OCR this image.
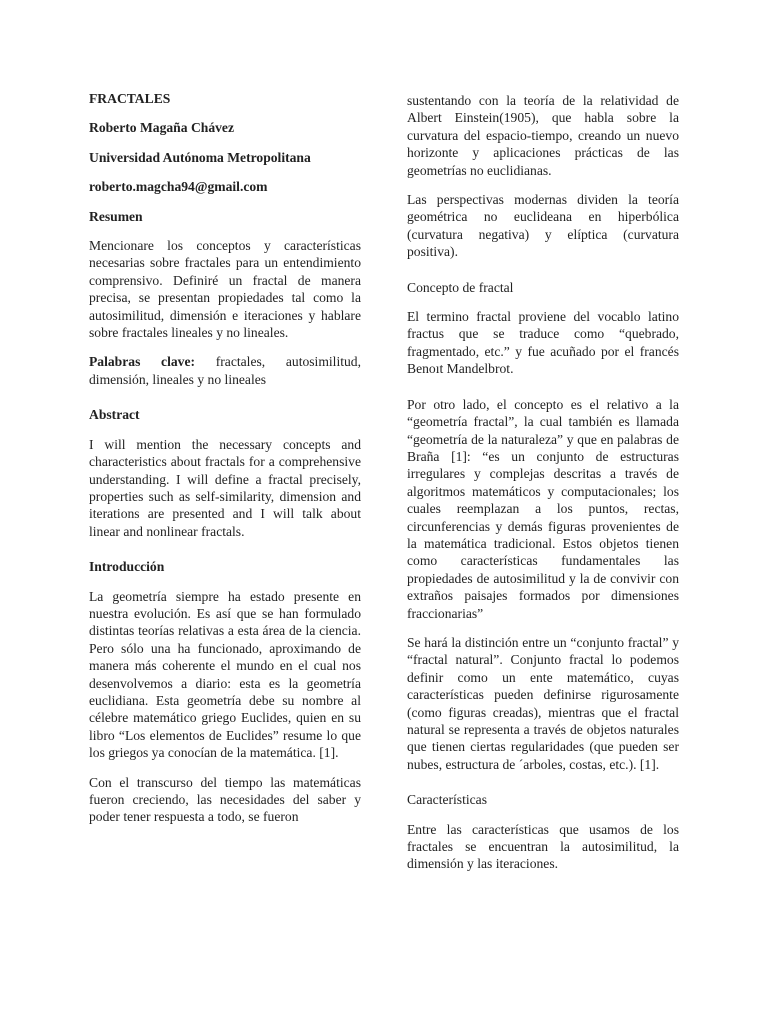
FRACTALES

Roberto Magaña Chávez

Universidad Autónoma Metropolitana

roberto.magcha94@gmail.com

Resumen

Mencionare los conceptos y características necesarias sobre fractales para un entendimiento comprensivo. Definiré un fractal de manera precisa, se presentan propiedades tal como la autosimilitud, dimensión e iteraciones y hablare sobre fractales lineales y no lineales.

Palabras clave: fractales, autosimilitud, dimensión, lineales y no lineales

Abstract

I will mention the necessary concepts and characteristics about fractals for a comprehensive understanding. I will define a fractal precisely, properties such as self-similarity, dimension and iterations are presented and I will talk about linear and nonlinear fractals.

Introducción

La geometría siempre ha estado presente en nuestra evolución. Es así que se han formulado distintas teorías relativas a esta área de la ciencia. Pero sólo una ha funcionado, aproximando de manera más coherente el mundo en el cual nos desenvolvemos a diario: esta es la geometría euclidiana. Esta geometría debe su nombre al célebre matemático griego Euclides, quien en su libro “Los elementos de Euclides” resume lo que los griegos ya conocían de la matemática. [1].

Con el transcurso del tiempo las matemáticas fueron creciendo, las necesidades del saber y poder tener respuesta a todo, se fueron

sustentando con la teoría de la relatividad de Albert Einstein(1905), que habla sobre la curvatura del espacio-tiempo, creando un nuevo horizonte y aplicaciones prácticas de las geometrías no euclidianas.

Las perspectivas modernas dividen la teoría geométrica no euclideana en hiperbólica (curvatura negativa) y elíptica (curvatura positiva).

Concepto de fractal

El termino fractal proviene del vocablo latino fractus que se traduce como “quebrado, fragmentado, etc.” y fue acuñado por el francés Benoıt Mandelbrot.

Por otro lado, el concepto es el relativo a la “geometría fractal”, la cual también es llamada “geometría de la naturaleza” y que en palabras de Braña [1]: “es un conjunto de estructuras irregulares y complejas descritas a través de algoritmos matemáticos y computacionales; los cuales reemplazan a los puntos, rectas, circunferencias y demás figuras provenientes de la matemática tradicional. Estos objetos tienen como características fundamentales las propiedades de autosimilitud y la de convivir con extraños paisajes formados por dimensiones fraccionarias”

Se hará la distinción entre un “conjunto fractal” y “fractal natural”. Conjunto fractal lo podemos definir como un ente matemático, cuyas características pueden definirse rigurosamente (como figuras creadas), mientras que el fractal natural se representa a través de objetos naturales que tienen ciertas regularidades (que pueden ser nubes, estructura de ´arboles, costas, etc.). [1].

Características

Entre las características que usamos de los fractales se encuentran la autosimilitud, la dimensión y las iteraciones.
